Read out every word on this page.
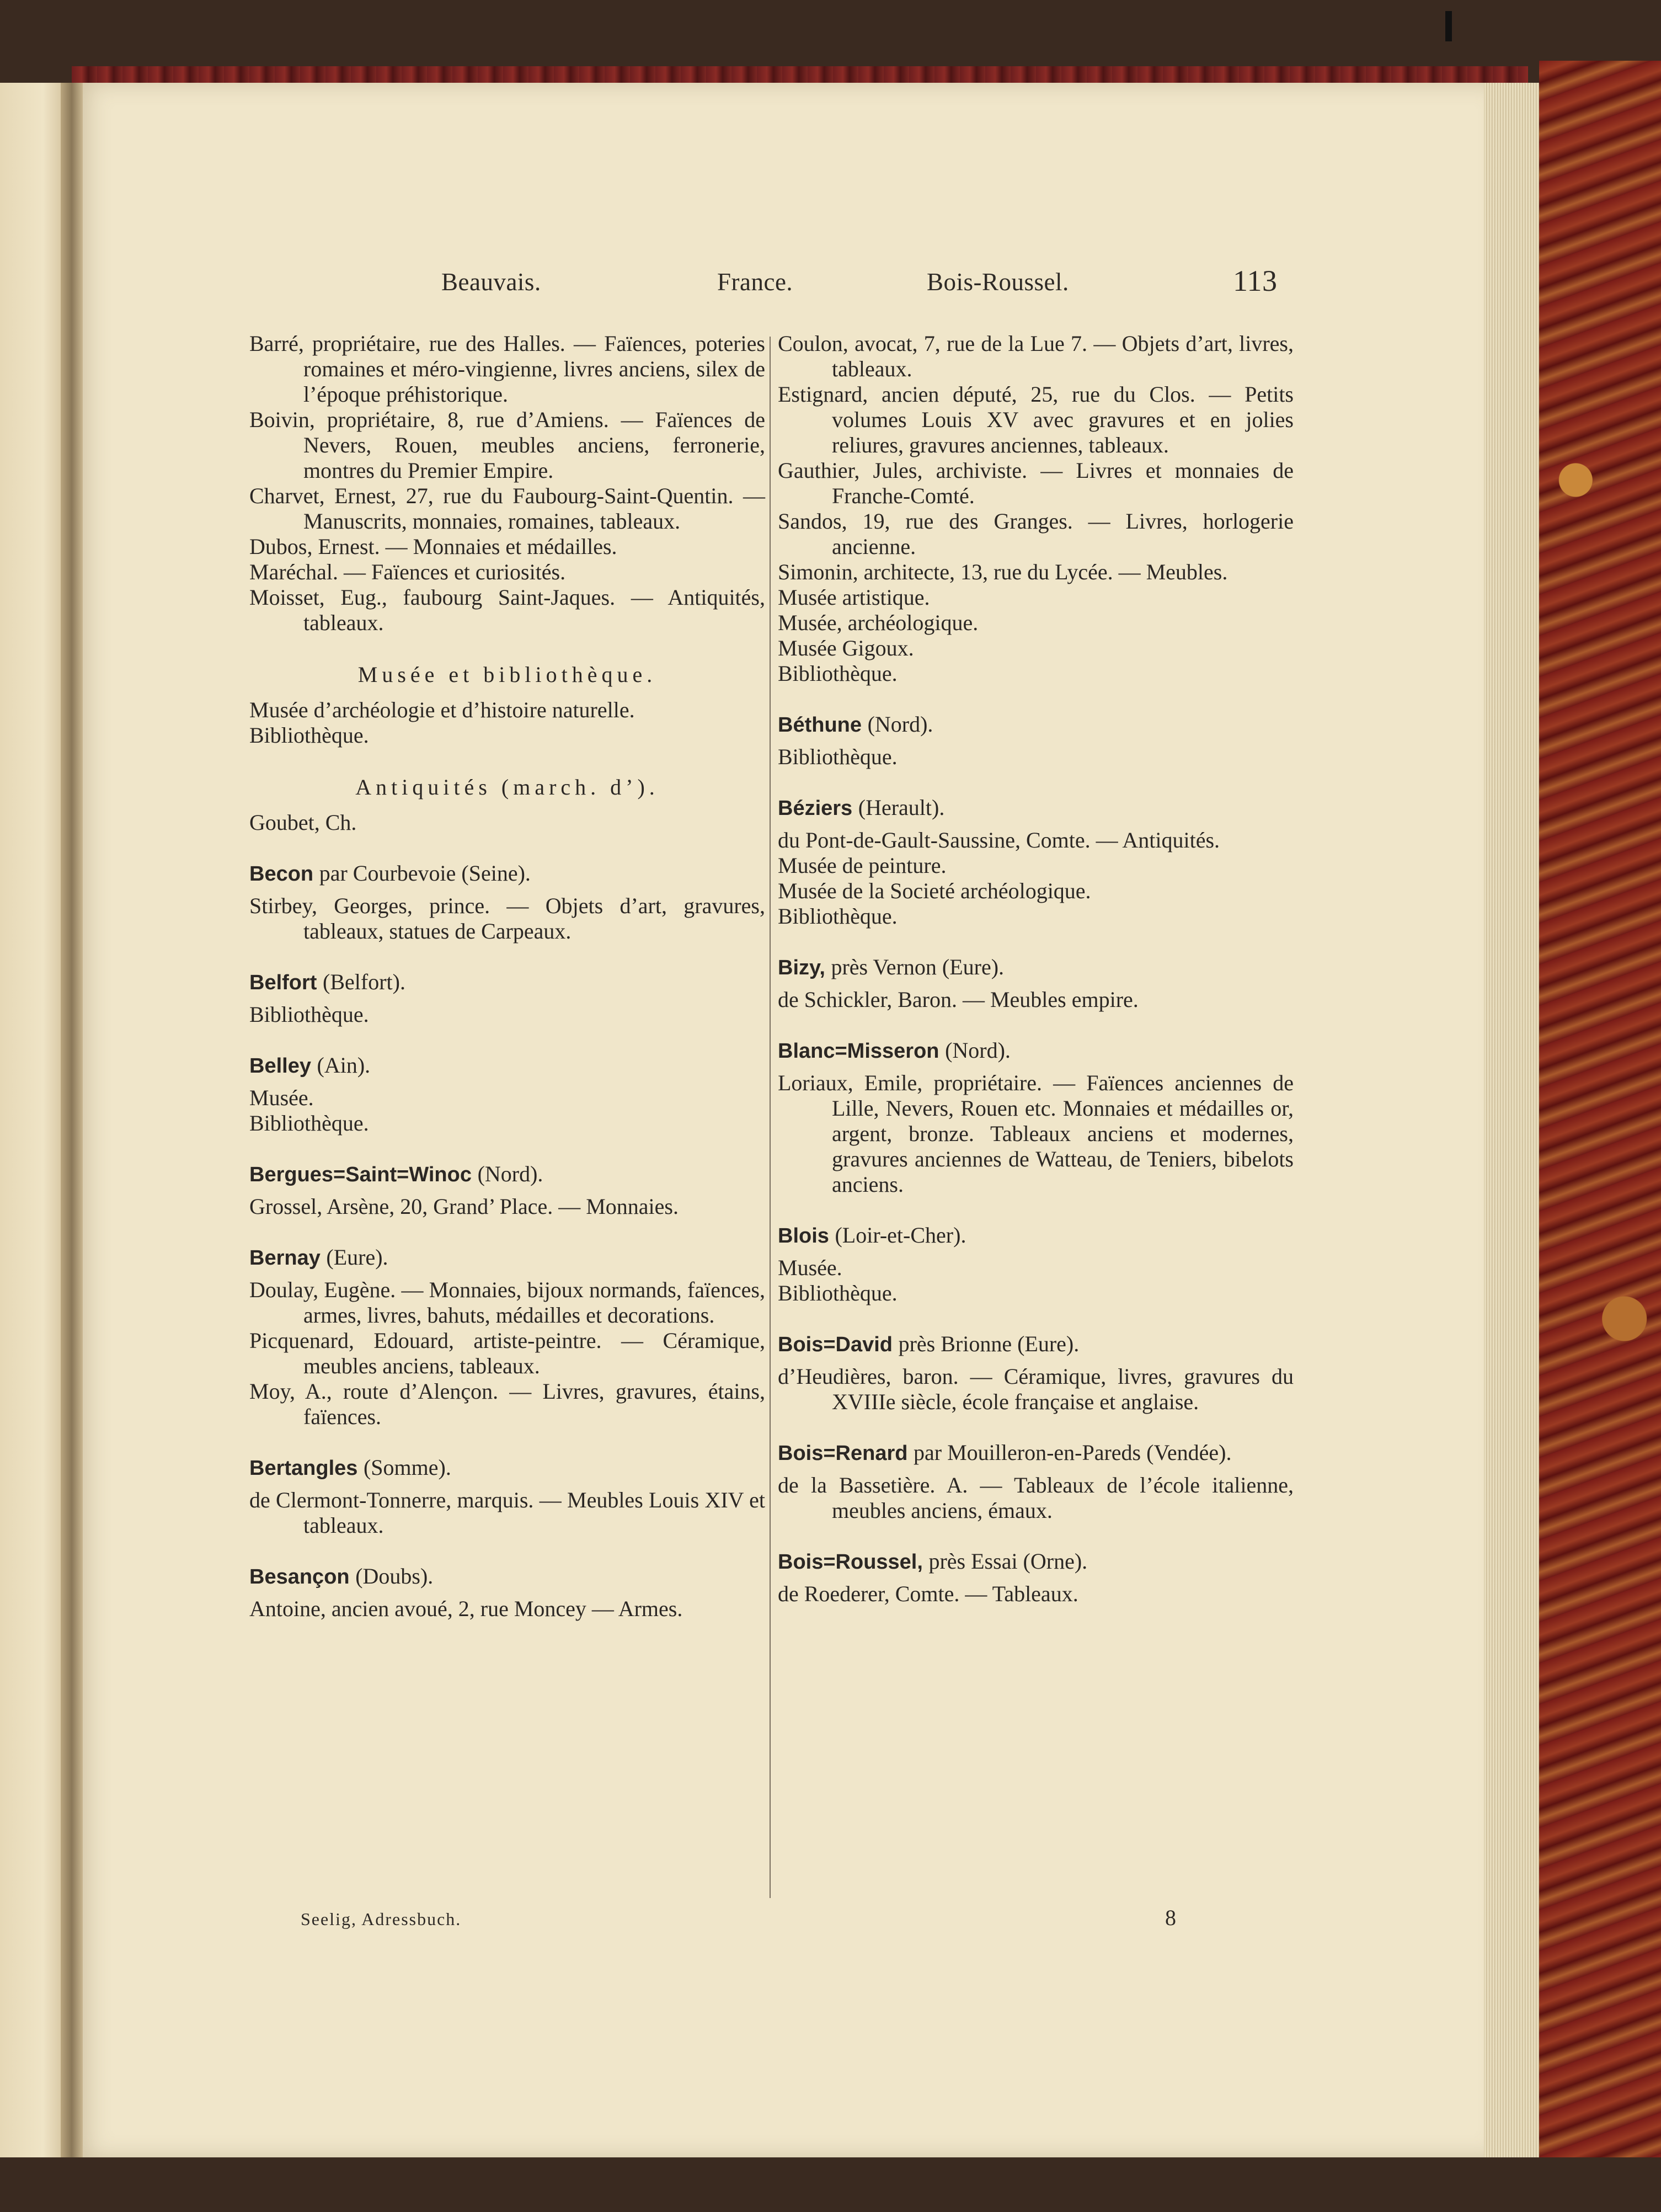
Beauvais.	France.	Bois-Roussel.	113

Barré, propriétaire, rue des Halles. — Faïences, poteries romaines et méro-vingienne, livres anciens, silex de l’époque préhistorique.

Boivin, propriétaire, 8, rue d’Amiens. — Faïences de Nevers, Rouen, meubles anciens, ferronerie, montres du Premier Empire.

Charvet, Ernest, 27, rue du Faubourg-Saint-Quentin. — Manuscrits, monnaies, romaines, tableaux.

Dubos, Ernest. — Monnaies et médailles.

Maréchal. — Faïences et curiosités.

Moisset, Eug., faubourg Saint-Jaques. — Antiquités, tableaux.

Musée et bibliothèque.

Musée d’archéologie et d’histoire naturelle.

Bibliothèque.

Antiquités (march. d’).

Goubet, Ch.

Becon par Courbevoie (Seine).

Stirbey, Georges, prince. — Objets d’art, gravures, tableaux, statues de Carpeaux.

Belfort (Belfort).

Bibliothèque.

Belley (Ain).

Musée.

Bibliothèque.

Bergues=Saint=Winoc (Nord).

Grossel, Arsène, 20, Grand’ Place. — Monnaies.

Bernay (Eure).

Doulay, Eugène. — Monnaies, bijoux normands, faïences, armes, livres, bahuts, médailles et decorations.

Picquenard, Edouard, artiste-peintre. — Céramique, meubles anciens, tableaux.

Moy, A., route d’Alençon. — Livres, gravures, étains, faïences.

Bertangles (Somme).

de Clermont-Tonnerre, marquis. — Meubles Louis XIV et tableaux.

Besançon (Doubs).

Antoine, ancien avoué, 2, rue Moncey — Armes.

Coulon, avocat, 7, rue de la Lue 7. — Objets d’art, livres, tableaux.

Estignard, ancien député, 25, rue du Clos. — Petits volumes Louis XV avec gravures et en jolies reliures, gravures anciennes, tableaux.

Gauthier, Jules, archiviste. — Livres et monnaies de Franche-Comté.

Sandos, 19, rue des Granges. — Livres, horlogerie ancienne.

Simonin, architecte, 13, rue du Lycée. — Meubles.

Musée artistique.

Musée, archéologique.

Musée Gigoux.

Bibliothèque.

Béthune (Nord).

Bibliothèque.

Béziers (Herault).

du Pont-de-Gault-Saussine, Comte. — Antiquités.

Musée de peinture.

Musée de la Societé archéologique.

Bibliothèque.

Bizy, près Vernon (Eure).

de Schickler, Baron. — Meubles empire.

Blanc=Misseron (Nord).

Loriaux, Emile, propriétaire. — Faïences anciennes de Lille, Nevers, Rouen etc. Monnaies et médailles or, argent, bronze. Tableaux anciens et modernes, gravures anciennes de Watteau, de Teniers, bibelots anciens.

Blois (Loir-et-Cher).

Musée.

Bibliothèque.

Bois=David près Brionne (Eure).

d’Heudières, baron. — Céramique, livres, gravures du XVIIIe siècle, école française et anglaise.

Bois=Renard par Mouilleron-en-Pareds (Vendée).

de la Bassetière. A. — Tableaux de l’école italienne, meubles anciens, émaux.

Bois=Roussel, près Essai (Orne).

de Roederer, Comte. — Tableaux.

Seelig, Adressbuch.	8
